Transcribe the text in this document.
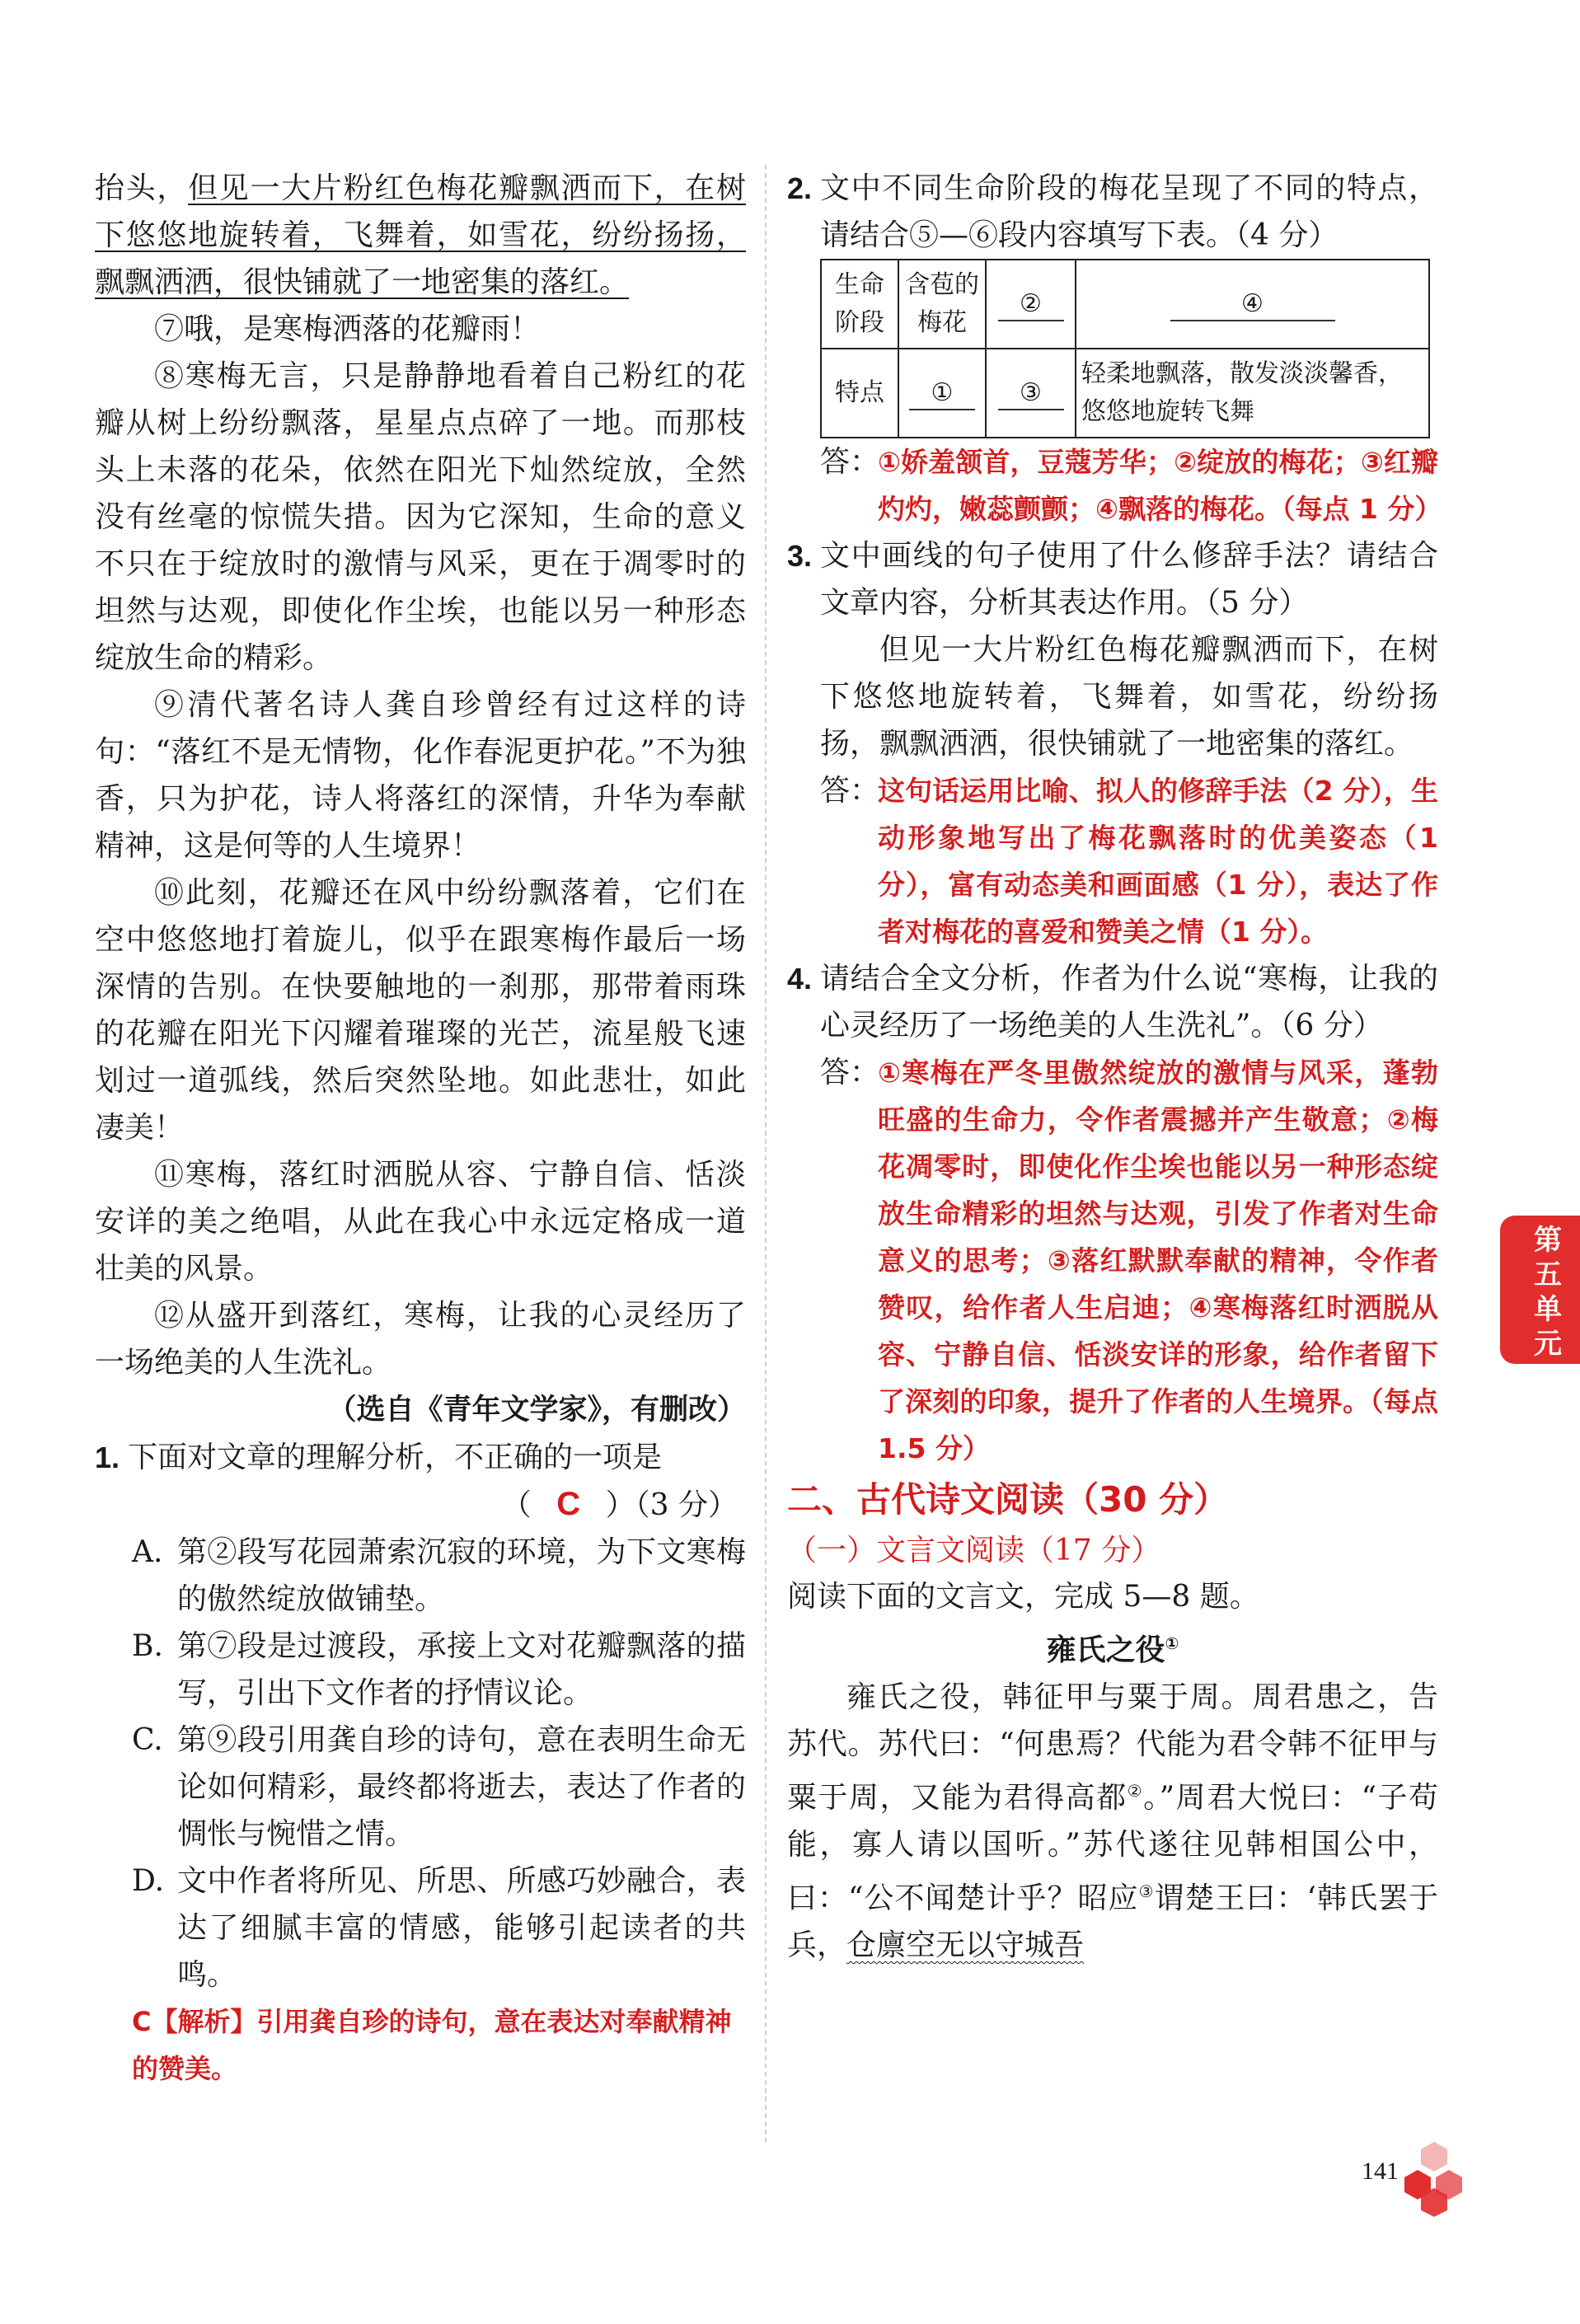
抬头，但见一大片粉红色梅花瓣飘洒而下，在树下悠悠地旋转着，飞舞着，如雪花，纷纷扬扬，飘飘洒洒，很快铺就了一地密集的落红。

⑦哦，是寒梅洒落的花瓣雨！

⑧寒梅无言，只是静静地看着自己粉红的花瓣从树上纷纷飘落，星星点点碎了一地。而那枝头上未落的花朵，依然在阳光下灿然绽放，全然没有丝毫的惊慌失措。因为它深知，生命的意义不只在于绽放时的激情与风采，更在于凋零时的坦然与达观，即使化作尘埃，也能以另一种形态绽放生命的精彩。

⑨清代著名诗人龚自珍曾经有过这样的诗句：“落红不是无情物，化作春泥更护花。”不为独香，只为护花，诗人将落红的深情，升华为奉献精神，这是何等的人生境界！

⑩此刻，花瓣还在风中纷纷飘落着，它们在空中悠悠地打着旋儿，似乎在跟寒梅作最后一场深情的告别。在快要触地的一刹那，那带着雨珠的花瓣在阳光下闪耀着璀璨的光芒，流星般飞速划过一道弧线，然后突然坠地。如此悲壮，如此凄美！

⑪寒梅，落红时洒脱从容、宁静自信、恬淡安详的美之绝唱，从此在我心中永远定格成一道壮美的风景。

⑫从盛开到落红，寒梅，让我的心灵经历了一场绝美的人生洗礼。

（选自《青年文学家》，有删改）

1. 下面对文章的理解分析，不正确的一项是
（ C ）（3 分）
A. 第②段写花园萧索沉寂的环境，为下文寒梅的傲然绽放做铺垫。
B. 第⑦段是过渡段，承接上文对花瓣飘落的描写，引出下文作者的抒情议论。
C. 第⑨段引用龚自珍的诗句，意在表明生命无论如何精彩，最终都将逝去，表达了作者的惆怅与惋惜之情。
D. 文中作者将所见、所思、所感巧妙融合，表达了细腻丰富的情感，能够引起读者的共鸣。

C【解析】引用龚自珍的诗句，意在表达对奉献精神的赞美。

2. 文中不同生命阶段的梅花呈现了不同的特点，请结合⑤—⑥段内容填写下表。（4 分）
生命阶段	含苞的梅花	②	④
特点	①	③	轻柔地飘落，散发淡淡馨香，悠悠地旋转飞舞
答：
①娇羞颔首，豆蔻芳华；②绽放的梅花；③红瓣灼灼，嫩蕊颤颤；④飘落的梅花。（每点 1 分）
3. 文中画线的句子使用了什么修辞手法？请结合文章内容，分析其表达作用。（5 分）

但见一大片粉红色梅花瓣飘洒而下，在树下悠悠地旋转着，飞舞着，如雪花，纷纷扬扬，飘飘洒洒，很快铺就了一地密集的落红。

答：
这句话运用比喻、拟人的修辞手法（2 分），生动形象地写出了梅花飘落时的优美姿态（1 分），富有动态美和画面感（1 分），表达了作者对梅花的喜爱和赞美之情（1 分）。
4. 请结合全文分析，作者为什么说“寒梅，让我的心灵经历了一场绝美的人生洗礼”。（6 分）
答：
①寒梅在严冬里傲然绽放的激情与风采，蓬勃旺盛的生命力，令作者震撼并产生敬意；②梅花凋零时，即使化作尘埃也能以另一种形态绽放生命精彩的坦然与达观，引发了作者对生命意义的思考；③落红默默奉献的精神，令作者赞叹，给作者人生启迪；④寒梅落红时洒脱从容、宁静自信、恬淡安详的形象，给作者留下了深刻的印象，提升了作者的人生境界。（每点 1.5 分）

二、古代诗文阅读（30 分）

（一）文言文阅读（17 分）

阅读下面的文言文，完成 5—8 题。

雍氏之役①

雍氏之役，韩征甲与粟于周。周君患之，告苏代。苏代曰：“何患焉？代能为君令韩不征甲与粟于周，又能为君得高都②。”周君大悦曰：“子苟能，寡人请以国听。”苏代遂往见韩相国公中，曰：“公不闻楚计乎？昭应③谓楚王曰：‘韩氏罢于兵，仓廪空无以守城吾

第
五
单
元
141
